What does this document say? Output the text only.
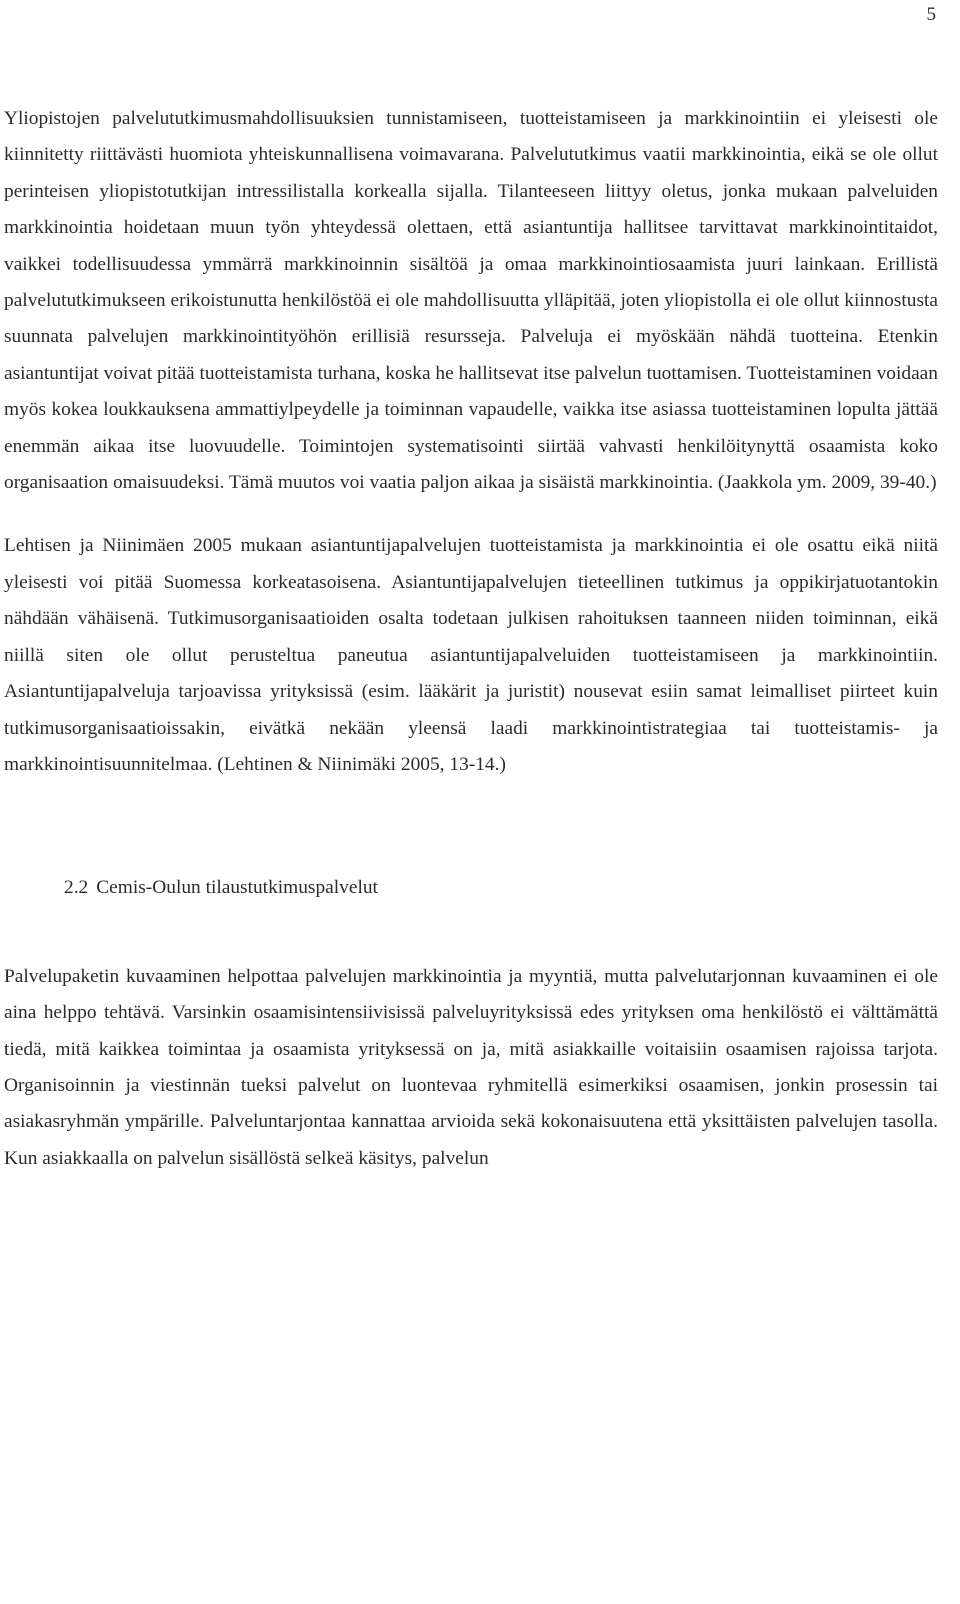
5

Yliopistojen palvelututkimusmahdollisuuksien tunnistamiseen, tuotteistamiseen ja markkinointiin ei yleisesti ole kiinnitetty riittävästi huomiota yhteiskunnallisena voimavarana. Palvelututkimus vaatii markkinointia, eikä se ole ollut perinteisen yliopistotutkijan intressilistalla korkealla sijalla. Tilanteeseen liittyy oletus, jonka mukaan palveluiden markkinointia hoidetaan muun työn yhteydessä olettaen, että asiantuntija hallitsee tarvittavat markkinointitaidot, vaikkei todellisuudessa ymmärrä markkinoinnin sisältöä ja omaa markkinointiosaamista juuri lainkaan. Erillistä palvelututkimukseen erikoistunutta henkilöstöä ei ole mahdollisuutta ylläpitää, joten yliopistolla ei ole ollut kiinnostusta suunnata palvelujen markkinointityöhön erillisiä resursseja. Palveluja ei myöskään nähdä tuotteina. Etenkin asiantuntijat voivat pitää tuotteistamista turhana, koska he hallitsevat itse palvelun tuottamisen. Tuotteistaminen voidaan myös kokea loukkauksena ammattiylpeydelle ja toiminnan vapaudelle, vaikka itse asiassa tuotteistaminen lopulta jättää enemmän aikaa itse luovuudelle. Toimintojen systematisointi siirtää vahvasti henkilöitynyttä osaamista koko organisaation omaisuudeksi. Tämä muutos voi vaatia paljon aikaa ja sisäistä markkinointia. (Jaakkola ym. 2009, 39-40.)

Lehtisen ja Niinimäen 2005 mukaan asiantuntijapalvelujen tuotteistamista ja markkinointia ei ole osattu eikä niitä yleisesti voi pitää Suomessa korkeatasoisena. Asiantuntijapalvelujen tieteellinen tutkimus ja oppikirjatuotantokin nähdään vähäisenä. Tutkimusorganisaatioiden osalta todetaan julkisen rahoituksen taanneen niiden toiminnan, eikä niillä siten ole ollut perusteltua paneutua asiantuntijapalveluiden tuotteistamiseen ja markkinointiin. Asiantuntijapalveluja tarjoavissa yrityksissä (esim. lääkärit ja juristit) nousevat esiin samat leimalliset piirteet kuin tutkimusorganisaatioissakin, eivätkä nekään yleensä laadi markkinointistrategiaa tai tuotteistamis- ja markkinointisuunnitelmaa. (Lehtinen & Niinimäki 2005, 13-14.)

2.2 Cemis-Oulun tilaustutkimuspalvelut

Palvelupaketin kuvaaminen helpottaa palvelujen markkinointia ja myyntiä, mutta palvelutarjonnan kuvaaminen ei ole aina helppo tehtävä. Varsinkin osaamisintensiivisissä palveluyrityksissä edes yrityksen oma henkilöstö ei välttämättä tiedä, mitä kaikkea toimintaa ja osaamista yrityksessä on ja, mitä asiakkaille voitaisiin osaamisen rajoissa tarjota. Organisoinnin ja viestinnän tueksi palvelut on luontevaa ryhmitellä esimerkiksi osaamisen, jonkin prosessin tai asiakasryhmän ympärille. Palveluntarjontaa kannattaa arvioida sekä kokonaisuutena että yksittäisten palvelujen tasolla. Kun asiakkaalla on palvelun sisällöstä selkeä käsitys, palvelun
